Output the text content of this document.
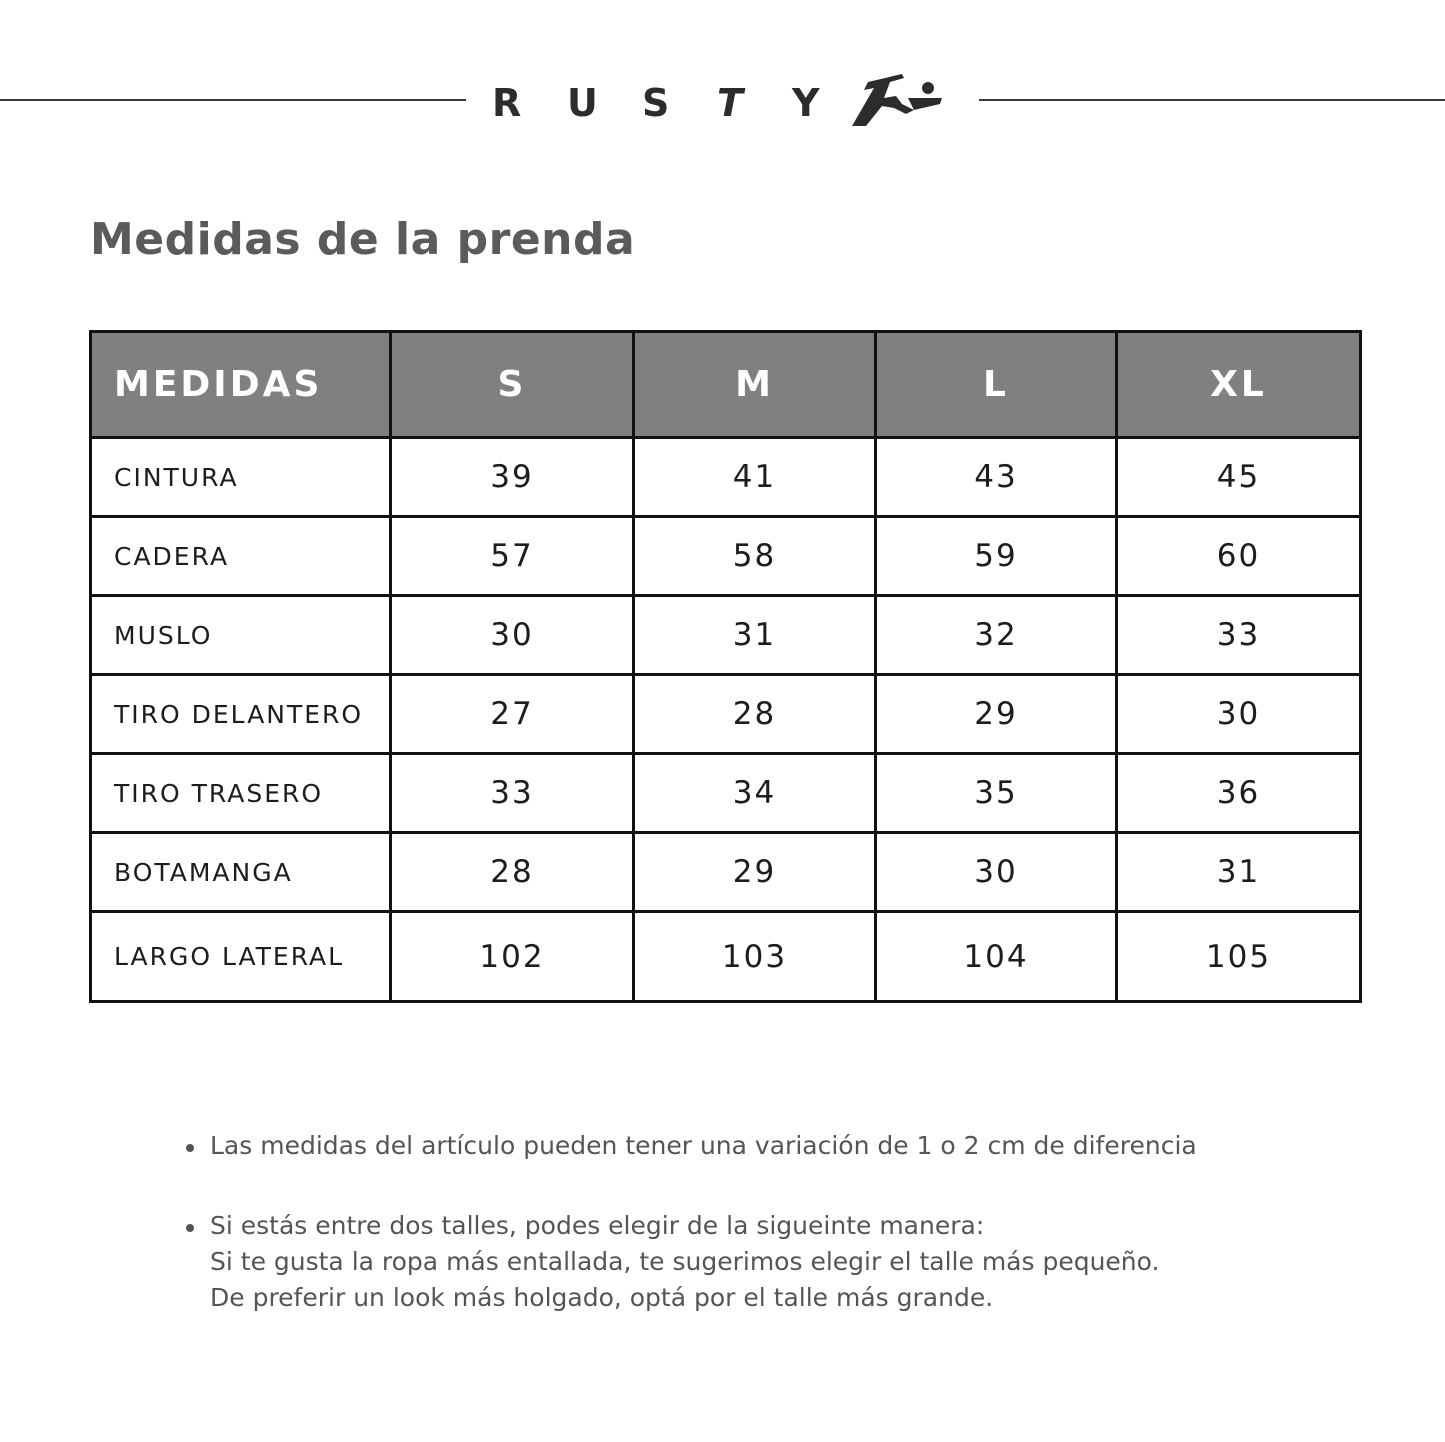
R	U	S	T	Y
Medidas de la prenda
MEDIDAS	S	M	L	XL
CINTURA	39	41	43	45
CADERA	57	58	59	60
MUSLO	30	31	32	33
TIRO DELANTERO	27	28	29	30
TIRO TRASERO	33	34	35	36
BOTAMANGA	28	29	30	31
LARGO LATERAL	102	103	104	105
Las medidas del artículo pueden tener una variación de 1 o 2 cm de diferencia
Si estás entre dos talles, podes elegir de la sigueinte manera:
Si te gusta la ropa más entallada, te sugerimos elegir el talle más pequeño.
De preferir un look más holgado, optá por el talle más grande.
